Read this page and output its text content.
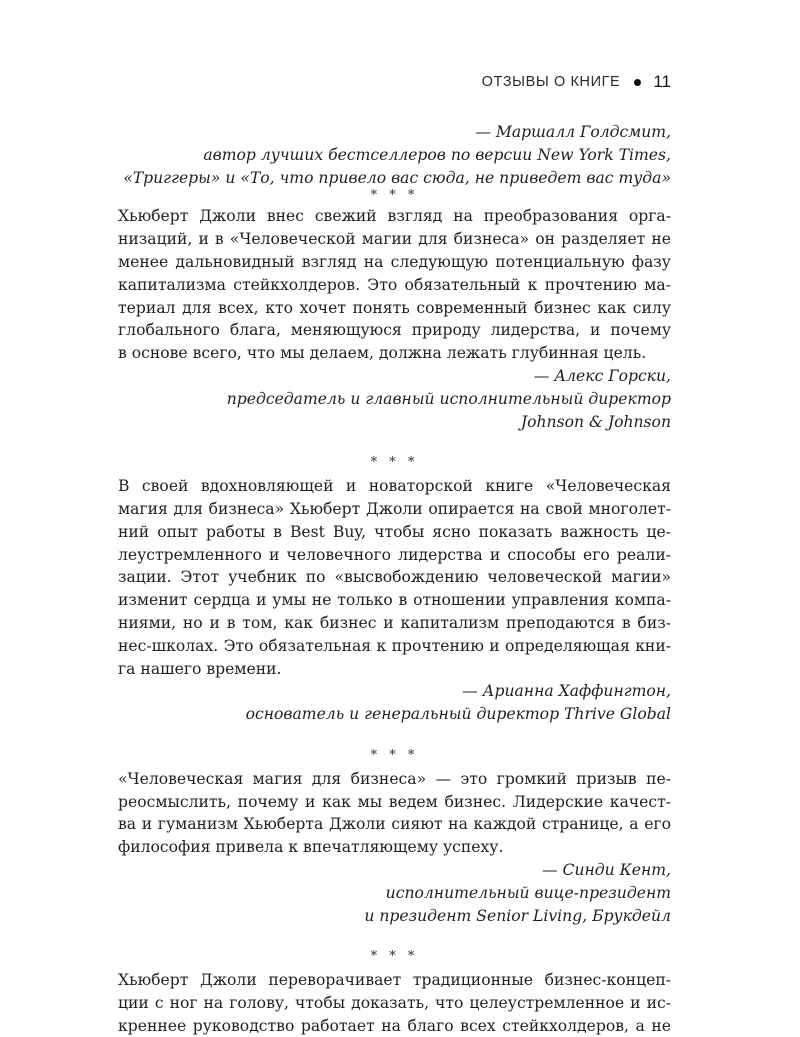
ОТЗЫВЫ О КНИГЕ 11
— Маршалл Голдсмит,
автор лучших бестселлеров по версии New York Times,
«Триггеры» и «То, что привело вас сюда, не приведет вас туда»
* * *
Хьюберт Джоли внес свежий взгляд на преобразования орга-
низаций, и в «Человеческой магии для бизнеса» он разделяет не
менее дальновидный взгляд на следующую потенциальную фазу
капитализма стейкхолдеров. Это обязательный к прочтению ма-
териал для всех, кто хочет понять современный бизнес как силу
глобального блага, меняющуюся природу лидерства, и почему
в основе всего, что мы делаем, должна лежать глубинная цель.
— Алекс Горски,
председатель и главный исполнительный директор
Johnson & Johnson
* * *
В своей вдохновляющей и новаторской книге «Человеческая
магия для бизнеса» Хьюберт Джоли опирается на свой многолет-
ний опыт работы в Best Buy, чтобы ясно показать важность це-
леустремленного и человечного лидерства и способы его реали-
зации. Этот учебник по «высвобождению человеческой магии»
изменит сердца и умы не только в отношении управления компа-
ниями, но и в том, как бизнес и капитализм преподаются в биз-
нес-школах. Это обязательная к прочтению и определяющая кни-
га нашего времени.
— Арианна Хаффингтон,
основатель и генеральный директор Thrive Global
* * *
«Человеческая магия для бизнеса» — это громкий призыв пе-
реосмыслить, почему и как мы ведем бизнес. Лидерские качест-
ва и гуманизм Хьюберта Джоли сияют на каждой странице, а его
философия привела к впечатляющему успеху.
— Синди Кент,
исполнительный вице-президент
и президент Senior Living, Брукдейл
* * *
Хьюберт Джоли переворачивает традиционные бизнес-концеп-
ции с ног на голову, чтобы доказать, что целеустремленное и ис-
креннее руководство работает на благо всех стейкхолдеров, а не
